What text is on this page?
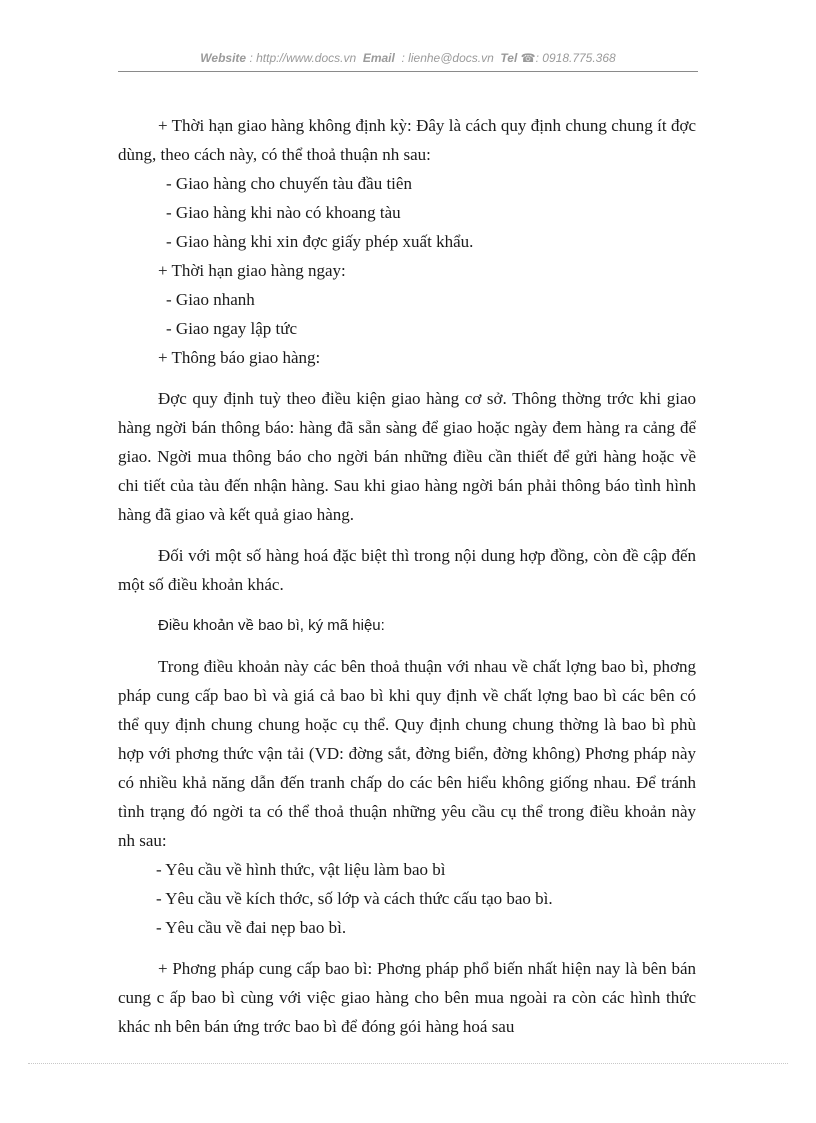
Website : http://www.docs.vn Email : lienhe@docs.vn Tel ☎: 0918.775.368

+ Thời hạn giao hàng không định kỳ: Đây là cách quy định chung chung ít đợc dùng, theo cách này, có thể thoả thuận nh sau:

- Giao hàng cho chuyến tàu đầu tiên

- Giao hàng khi nào có khoang tàu

- Giao hàng khi xin đợc giấy phép xuất khẩu.

+ Thời hạn giao hàng ngay:

- Giao nhanh

- Giao ngay lập tức

+ Thông báo giao hàng:

Đợc quy định tuỳ theo điều kiện giao hàng cơ sở. Thông thờng trớc khi giao hàng ngời bán thông báo: hàng đã sẵn sàng để giao hoặc ngày đem hàng ra cảng để giao. Ngời mua thông báo cho ngời bán những điều cần thiết để gửi hàng hoặc về chi tiết của tàu đến nhận hàng. Sau khi giao hàng ngời bán phải thông báo tình hình hàng đã giao và kết quả giao hàng.

Đối với một số hàng hoá đặc biệt thì trong nội dung hợp đồng, còn đề cập đến một số điều khoản khác.

Điều khoản về bao bì, ký mã hiệu:

Trong điều khoản này các bên thoả thuận với nhau về chất lợng bao bì, phơng pháp cung cấp bao bì và giá cả bao bì khi quy định về chất lợng bao bì các bên có thể quy định chung chung hoặc cụ thể. Quy định chung chung thờng là bao bì phù hợp với phơng thức vận tải (VD: đờng sắt, đờng biển, đờng không) Phơng pháp này có nhiều khả năng dẫn đến tranh chấp do các bên hiểu không giống nhau. Để tránh tình trạng đó ngời ta có thể thoả thuận những yêu cầu cụ thể trong điều khoản này nh sau:

- Yêu cầu về hình thức, vật liệu làm bao bì

- Yêu cầu về kích thớc, số lớp và cách thức cấu tạo bao bì.

- Yêu cầu về đai nẹp bao bì.

+ Phơng pháp cung cấp bao bì: Phơng pháp phổ biến nhất hiện nay là bên bán cung c ấp bao bì cùng với việc giao hàng cho bên mua ngoài ra còn các hình thức khác nh bên bán ứng trớc bao bì để đóng gói hàng hoá sau
